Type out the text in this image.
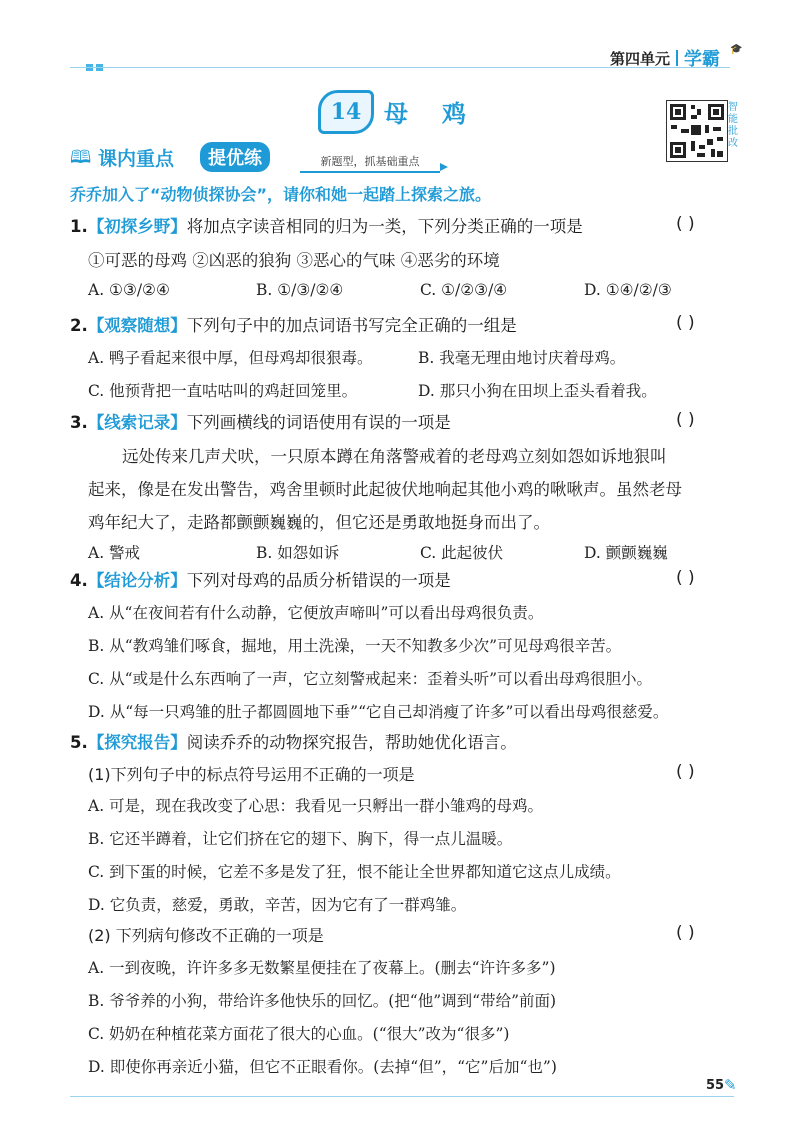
第四单元 学霸 🎓
14 母鸡	智能批改
🕮 课内重点	提优练	新题型，抓基础重点
乔乔加入了“动物侦探协会”，请你和她一起踏上探索之旅。
1.【初探乡野】将加点字读音相同的归为一类，下列分类正确的一项是	( )
①可恶的母鸡 ②凶恶的狼狗 ③恶心的气味 ④恶劣的环境
A. ①③/②④	B. ①/③/②④	C. ①/②③/④	D. ①④/②/③
2.【观察随想】下列句子中的加点词语书写完全正确的一组是	( )
A. 鸭子看起来很中厚，但母鸡却很狠毒。	B. 我毫无理由地讨庆着母鸡。
C. 他预背把一直咕咕叫的鸡赶回笼里。	D. 那只小狗在田坝上歪头看着我。
3.【线索记录】下列画横线的词语使用有误的一项是	( )
远处传来几声犬吠，一只原本蹲在角落警戒着的老母鸡立刻如怨如诉地狠叫
起来，像是在发出警告，鸡舍里顿时此起彼伏地响起其他小鸡的啾啾声。虽然老母
鸡年纪大了，走路都颤颤巍巍的，但它还是勇敢地挺身而出了。
A. 警戒	B. 如怨如诉	C. 此起彼伏	D. 颤颤巍巍
4.【结论分析】下列对母鸡的品质分析错误的一项是	( )
A. 从“在夜间若有什么动静，它便放声啼叫”可以看出母鸡很负责。
B. 从“教鸡雏们啄食，掘地，用土洗澡，一天不知教多少次”可见母鸡很辛苦。
C. 从“或是什么东西响了一声，它立刻警戒起来：歪着头听”可以看出母鸡很胆小。
D. 从“每一只鸡雏的肚子都圆圆地下垂”“它自己却消瘦了许多”可以看出母鸡很慈爱。
5.【探究报告】阅读乔乔的动物探究报告，帮助她优化语言。
(1)下列句子中的标点符号运用不正确的一项是	( )
A. 可是，现在我改变了心思：我看见一只孵出一群小雏鸡的母鸡。
B. 它还半蹲着，让它们挤在它的翅下、胸下，得一点儿温暖。
C. 到下蛋的时候，它差不多是发了狂，恨不能让全世界都知道它这点儿成绩。
D. 它负责，慈爱，勇敢，辛苦，因为它有了一群鸡雏。
(2) 下列病句修改不正确的一项是	( )
A. 一到夜晚，许许多多无数繁星便挂在了夜幕上。(删去“许许多多”)
B. 爷爷养的小狗，带给许多他快乐的回忆。(把“他”调到“带给”前面)
C. 奶奶在种植花菜方面花了很大的心血。(“很大”改为“很多”)
D. 即使你再亲近小猫，但它不正眼看你。(去掉“但”，“它”后加“也”)
55 ✎
